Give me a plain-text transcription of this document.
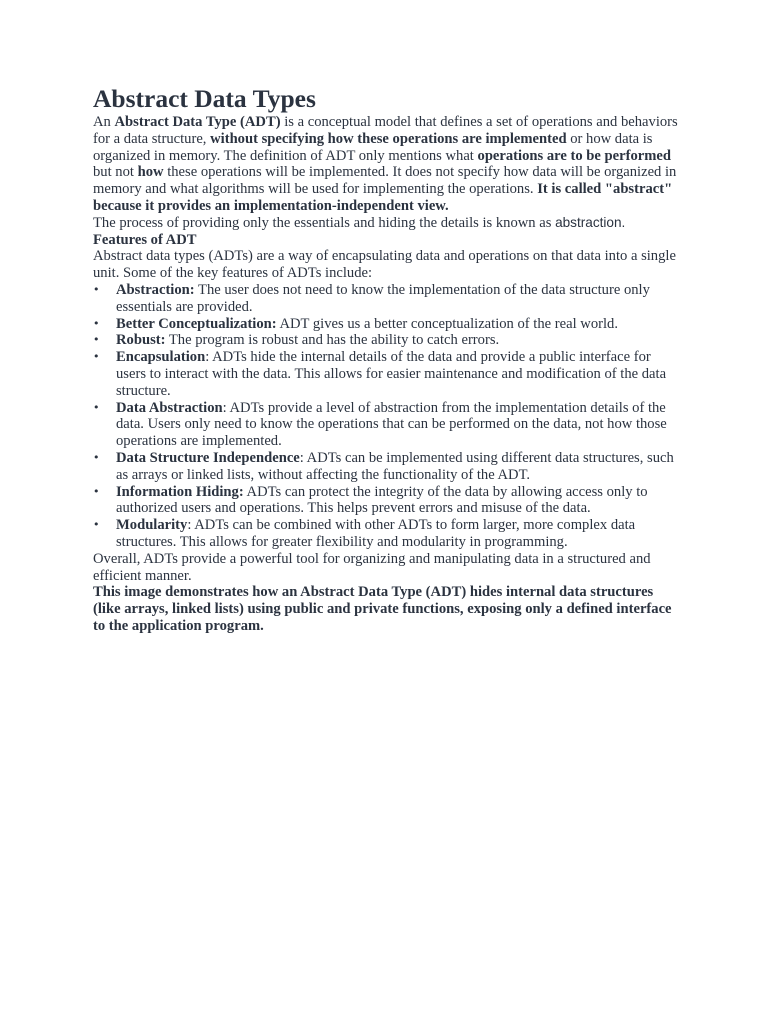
Abstract Data Types

An Abstract Data Type (ADT) is a conceptual model that defines a set of operations and behaviors for a data structure, without specifying how these operations are implemented or how data is organized in memory. The definition of ADT only mentions what operations are to be performed but not how these operations will be implemented. It does not specify how data will be organized in memory and what algorithms will be used for implementing the operations. It is called "abstract" because it provides an implementation-independent view.

The process of providing only the essentials and hiding the details is known as abstraction.

Features of ADT

Abstract data types (ADTs) are a way of encapsulating data and operations on that data into a single unit. Some of the key features of ADTs include:

•	Abstraction: The user does not need to know the implementation of the data structure only essentials are provided.
•	Better Conceptualization: ADT gives us a better conceptualization of the real world.
•	Robust: The program is robust and has the ability to catch errors.
•	Encapsulation: ADTs hide the internal details of the data and provide a public interface for users to interact with the data. This allows for easier maintenance and modification of the data structure.
•	Data Abstraction: ADTs provide a level of abstraction from the implementation details of the data. Users only need to know the operations that can be performed on the data, not how those operations are implemented.
•	Data Structure Independence: ADTs can be implemented using different data structures, such as arrays or linked lists, without affecting the functionality of the ADT.
•	Information Hiding: ADTs can protect the integrity of the data by allowing access only to authorized users and operations. This helps prevent errors and misuse of the data.
•	Modularity: ADTs can be combined with other ADTs to form larger, more complex data structures. This allows for greater flexibility and modularity in programming.

Overall, ADTs provide a powerful tool for organizing and manipulating data in a structured and efficient manner.

This image demonstrates how an Abstract Data Type (ADT) hides internal data structures (like arrays, linked lists) using public and private functions, exposing only a defined interface to the application program.
